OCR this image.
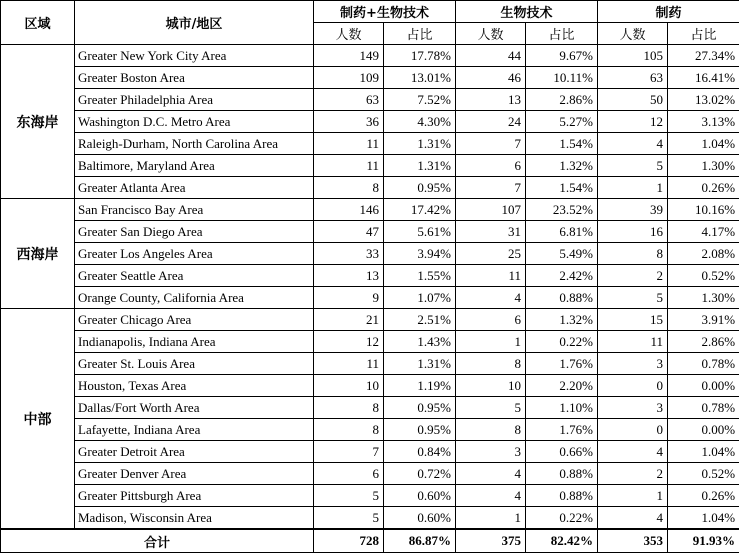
区域	城市/地区	制药+生物技术		生物技术		制药	
		人数	占比	人数	占比	人数	占比
东海岸	Greater New York City Area	149	17.78%	44	9.67%	105	27.34%
	Greater Boston Area	109	13.01%	46	10.11%	63	16.41%
	Greater Philadelphia Area	63	7.52%	13	2.86%	50	13.02%
	Washington D.C. Metro Area	36	4.30%	24	5.27%	12	3.13%
	Raleigh-Durham, North Carolina Area	11	1.31%	7	1.54%	4	1.04%
	Baltimore, Maryland Area	11	1.31%	6	1.32%	5	1.30%
	Greater Atlanta Area	8	0.95%	7	1.54%	1	0.26%
西海岸	San Francisco Bay Area	146	17.42%	107	23.52%	39	10.16%
	Greater San Diego Area	47	5.61%	31	6.81%	16	4.17%
	Greater Los Angeles Area	33	3.94%	25	5.49%	8	2.08%
	Greater Seattle Area	13	1.55%	11	2.42%	2	0.52%
	Orange County, California Area	9	1.07%	4	0.88%	5	1.30%
中部	Greater Chicago Area	21	2.51%	6	1.32%	15	3.91%
	Indianapolis, Indiana Area	12	1.43%	1	0.22%	11	2.86%
	Greater St. Louis Area	11	1.31%	8	1.76%	3	0.78%
	Houston, Texas Area	10	1.19%	10	2.20%	0	0.00%
	Dallas/Fort Worth Area	8	0.95%	5	1.10%	3	0.78%
	Lafayette, Indiana Area	8	0.95%	8	1.76%	0	0.00%
	Greater Detroit Area	7	0.84%	3	0.66%	4	1.04%
	Greater Denver Area	6	0.72%	4	0.88%	2	0.52%
	Greater Pittsburgh Area	5	0.60%	4	0.88%	1	0.26%
	Madison, Wisconsin Area	5	0.60%	1	0.22%	4	1.04%
合计		728	86.87%	375	82.42%	353	91.93%
